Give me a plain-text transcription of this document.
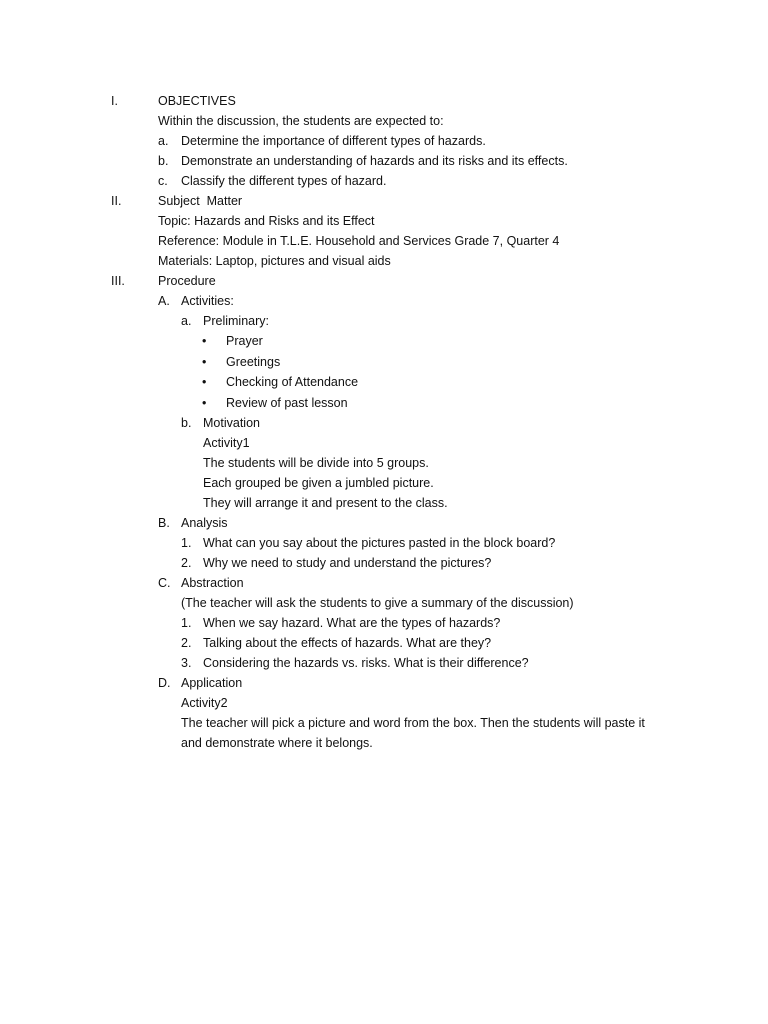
I.

	OBJECTIVES

Within the discussion, the students are expected to:

a.

Determine the importance of different types of hazards.

b.

Demonstrate an understanding of hazards and its risks and its effects.

c.

Classify the different types of hazard.

II.

	Subject  Matter

Topic: Hazards and Risks and its Effect

Reference: Module in T.L.E. Household and Services Grade 7, Quarter 4

Materials: Laptop, pictures and visual aids

III.

	Procedure

A.

Activities:

a.

Preliminary:

•

Prayer

•

Greetings

•

Checking of Attendance

•

Review of past lesson

b.

Motivation

Activity1

The students will be divide into 5 groups.

Each grouped be given a jumbled picture.

They will arrange it and present to the class.

B.

Analysis

1.

What can you say about the pictures pasted in the block board?

2.

Why we need to study and understand the pictures?

C.

Abstraction

(The teacher will ask the students to give a summary of the discussion)

1.

When we say hazard. What are the types of hazards?

2.

Talking about the effects of hazards. What are they?

3.

Considering the hazards vs. risks. What is their difference?

D.

Application

Activity2

The teacher will pick a picture and word from the box. Then the students will paste it

and demonstrate where it belongs.
